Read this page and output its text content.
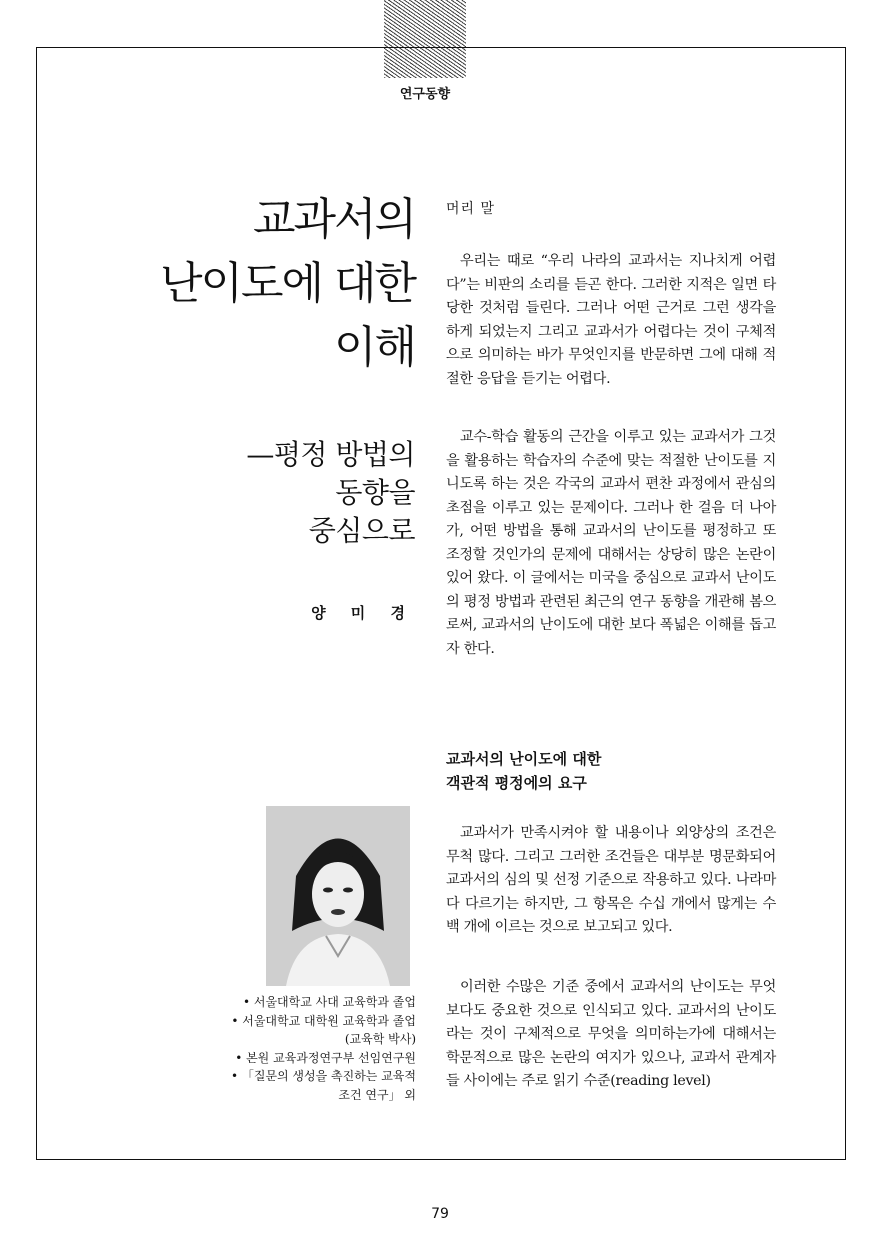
연구동향
교과서의
난이도에 대한
이해
—평정 방법의
동향을
중심으로
양 미 경
• 서울대학교 사대 교육학과 졸업
• 서울대학교 대학원 교육학과 졸업
(교육학 박사)
• 본원 교육과정연구부 선임연구원
• 「질문의 생성을 촉진하는 교육적
조건 연구」 외
머리 말

우리는 때로 “우리 나라의 교과서는 지나치게 어렵다”는 비판의 소리를 듣곤 한다. 그러한 지적은 일면 타당한 것처럼 들린다. 그러나 어떤 근거로 그런 생각을 하게 되었는지 그리고 교과서가 어렵다는 것이 구체적으로 의미하는 바가 무엇인지를 반문하면 그에 대해 적절한 응답을 듣기는 어렵다.

교수-학습 활동의 근간을 이루고 있는 교과서가 그것을 활용하는 학습자의 수준에 맞는 적절한 난이도를 지니도록 하는 것은 각국의 교과서 편찬 과정에서 관심의 초점을 이루고 있는 문제이다. 그러나 한 걸음 더 나아가, 어떤 방법을 통해 교과서의 난이도를 평정하고 또 조정할 것인가의 문제에 대해서는 상당히 많은 논란이 있어 왔다. 이 글에서는 미국을 중심으로 교과서 난이도의 평정 방법과 관련된 최근의 연구 동향을 개관해 봄으로써, 교과서의 난이도에 대한 보다 폭넓은 이해를 돕고자 한다.

교과서의 난이도에 대한
객관적 평정에의 요구

교과서가 만족시켜야 할 내용이나 외양상의 조건은 무척 많다. 그리고 그러한 조건들은 대부분 명문화되어 교과서의 심의 및 선정 기준으로 작용하고 있다. 나라마다 다르기는 하지만, 그 항목은 수십 개에서 많게는 수백 개에 이르는 것으로 보고되고 있다.

이러한 수많은 기준 중에서 교과서의 난이도는 무엇보다도 중요한 것으로 인식되고 있다. 교과서의 난이도라는 것이 구체적으로 무엇을 의미하는가에 대해서는 학문적으로 많은 논란의 여지가 있으나, 교과서 관계자들 사이에는 주로 읽기 수준(reading level)

79
